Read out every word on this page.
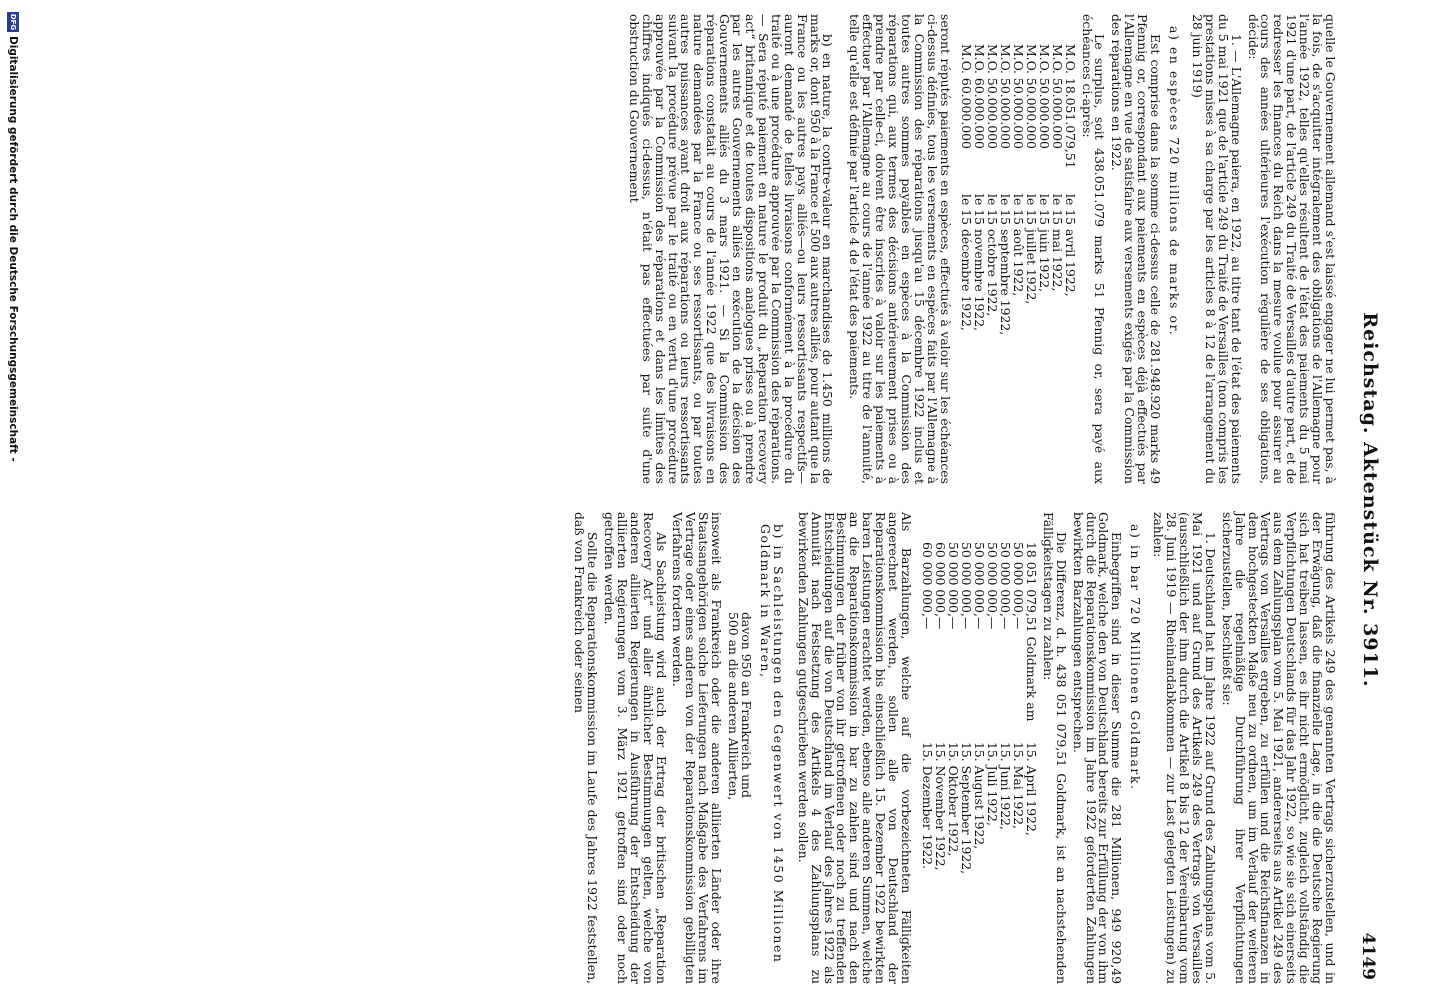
Reichstag. Aktenstück Nr. 3911.
4149

quelle le Gouvernement allemand s'est laissé engager ne lui permet pas, à la fois, de s'acquitter intégralement des obligations de l'Allemagne pour l'année 1922, telles qu'elles résultent de l'état des paiements du 5 mai 1921 d'une part, de l'article 249 du Traité de Versailles d'autre part, et de redresser les finances du Reich dans la mesure voulue pour assurer au cours des années ultérieures l'exécution régulière de ses obligations, décide:

1. — L'Allemagne paiera, en 1922, au titre tant de l'état des paiements du 5 mai 1921 que de l'article 249 du Traité de Versailles (non compris les prestations mises à sa charge par les articles 8 à 12 de l'arrangement du 28 juin 1919)

a) en espèces 720 millions de marks or.

Est comprise dans la somme ci-dessus celle de 281.948.920 marks 49 Pfennig or, correspondant aux paiements en espèces déjà effectués par l'Allemagne en vue de satisfaire aux versements exigés par la Commission des réparations en 1922.

Le surplus, soit 438.051.079 marks 51 Pfennig or, sera payé aux échéances ci-après:

M.O. 18.051.079,51
le 15 avril 1922,
M.O. 50.000.000
le 15 mai 1922,
M.O. 50.000.000
le 15 juin 1922,
M.O. 50.000.000
le 15 juillet 1922,
M.O. 50.000.000
le 15 août 1922,
M.O. 50.000.000
le 15 septembre 1922,
M.O. 50.000.000
le 15 octobre 1922,
M.O. 60.000.000
le 15 novembre 1922,
M.O. 60.000.000
le 15 décembre 1922,

seront réputés paiements en espèces, effectués à valoir sur les échéances ci-dessus définies, tous les versements en espèces faits par l'Allemagne à la Commission des réparations jusqu'au 15 décembre 1922 inclus et toutes autres sommes payables en espèces à la Commission des réparations qui, aux termes des décisions antérieurement prises ou à prendre par celle-ci, doivent être inscrites à valoir sur les paiements à effectuer par l'Allemagne au cours de l'année 1922 au titre de l'annuité, telle qu'elle est définie par l'article 4 de l'état des paiements.

b) en nature, la contre-valeur en marchandises de 1.450 millions de marks or, dont 950 à la France et 500 aux autres alliés, pour autant que la France ou les autres pays alliés—ou leurs ressortissants respectifs—auront demandé de telles livraisons conformément à la procédure du traité ou à une procédure approuvée par la Commission des réparations. — Sera réputé paiement en nature le produit du „Reparation recovery act“ britannique et de toutes dispositions analogues prises ou à prendre par les autres Gouvernements alliés en exécution de la décision des Gouvernements alliés du 3 mars 1921. — Si la Commission des réparations constatait au cours de l'année 1922 que des livraisons en nature demandées par la France ou ses ressortissants, ou par toutes autres puissances ayant droit aux réparations ou leurs ressortissants suivant la procédure prévue par le traité ou en vertu d'une procédure approuvée par la Commission des réparations et dans les limites des chiffres indiqués ci-dessus, n'était pas effectuées par suite d'une obstruction du Gouvernement

führung des Artikels 249 des genannten Vertrags sicherzustellen, und in der Erwägung, daß die finanzielle Lage, in die die Deutsche Regierung sich hat treiben lassen, es ihr nicht ermöglicht, zugleich vollständig die Verpflichtungen Deutschlands für das Jahr 1922, so wie sie sich einerseits aus dem Zahlungsplan vom 5. Mai 1921, andererseits aus Artikel 249 des Vertrags von Versailles ergeben, zu erfüllen und die Reichsfinanzen in dem hochgesteckten Maße neu zu ordnen, um im Verlauf der weiteren Jahre die regelmäßige Durchführung ihrer Verpflichtungen sicherzustellen, beschließt sie:

1. Deutschland hat im Jahre 1922 auf Grund des Zahlungsplans vom 5. Mai 1921 und auf Grund des Artikels 249 des Vertrags von Versailles (ausschließlich der ihm durch die Artikel 8 bis 12 der Vereinbarung vom 28. Juni 1919 — Rheinlandabkommen — zur Last gelegten Leistungen) zu zahlen:

a) in bar 720 Millionen Goldmark.

Einbegriffen sind in dieser Summe die 281 Millionen, 949 920,49 Goldmark, welche den von Deutschland bereits zur Erfüllung der von ihm durch die Reparationskommission im Jahre 1922 geforderten Zahlungen bewirkten Barzahlungen entsprechen.

Die Differenz, d. h. 438 051 079,51 Goldmark, ist an nachstehenden Fälligkeitstagen zu zahlen:

18 051 079,51 Goldmark am
15. April 1922,
50 000 000,—
15. Mai 1922,
50 000 000,—
15. Juni 1922,
50 000 000,—
15. Juli 1922,
50 000 000,—
15. August 1922,
50 000 000,—
15. September 1922,
50 000 000,—
15. Oktober 1922,
60 000 000,—
15. November 1922,
60 000 000,—
15. Dezember 1922.

Als Barzahlungen, welche auf die vorbezeichneten Fälligkeiten angerechnet werden, sollen alle von Deutschland der Reparationskommission bis einschließlich 15. Dezember 1922 bewirkten baren Leistungen erachtet werden, ebenso alle anderen Summen, welche an die Reparationskommission in bar zu zahlen sind und nach den Bestimmungen der früher von ihr getroffenen oder noch zu treffenden Entscheidungen auf die von Deutschland im Verlauf des Jahres 1922 als Annuität nach Festsetzung des Artikels 4 des Zahlungsplans zu bewirkenden Zahlungen gutgeschrieben werden sollen.

b) in Sachleistungen den Gegenwert von 1450 Millionen Goldmark in Waren,

davon 950 an Frankreich und
500 an die anderen Alliierten,

insoweit als Frankreich oder die anderen alliierten Länder oder ihre Staatsangehörigen solche Lieferungen nach Maßgabe des Verfahrens im Vertrage oder eines anderen von der Reparationskommission gebilligten Verfahrens fordern werden.

Als Sachleistung wird auch der Ertrag der britischen „Reparation Recovery Act“ und aller ähnlicher Bestimmungen gelten, welche von anderen alliierten Regierungen in Ausführung der Entscheidung der alliierten Regierungen vom 3. März 1921 getroffen sind oder noch getroffen werden.

Sollte die Reparationskommission im Laufe des Jahres 1922 feststellen, daß von Frankreich oder seinen

DFG
Digitalisierung gefördert durch die Deutsche Forschungsgemeinschaft -
